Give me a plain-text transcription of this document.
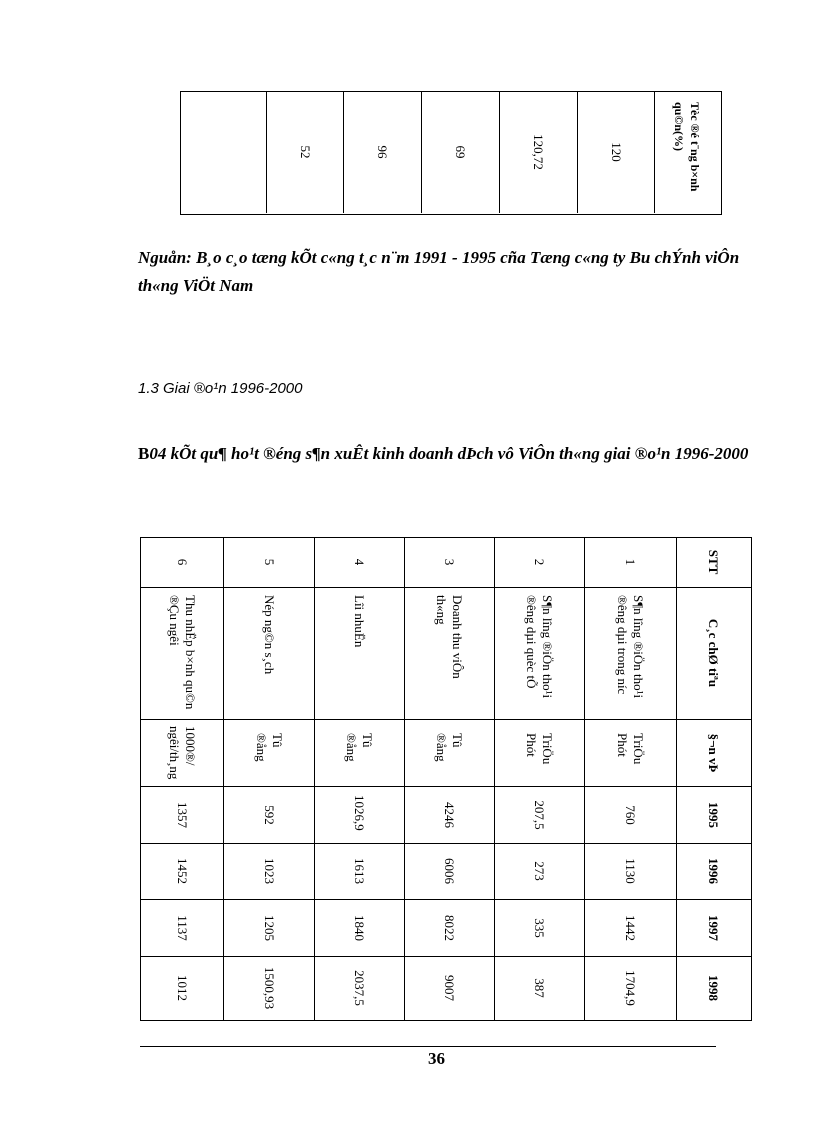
Tèc ®é t¨ng b×nh qu©n(%)
120
120,72
69
96
52
Nguån: B¸o c¸o tæng kÕt c«ng t¸c n¨m 1991 - 1995 cña Tæng c«ng ty Bu chÝnh viÔn th«ng ViÖt Nam
1.3 Giai ®o¹n 1996-2000
B04 kÕt qu¶ ho¹t ®éng s¶n xuÊt kinh doanh dÞch vô ViÔn th«ng giai ®o¹n 1996-2000
STT
C¸c chØ tiªu
§¬n vÞ
1995
1996
1997
1998
1
S¶n lîng ®iÖn tho¹i ®êng dµi trong níc
TriÖu Phót
760
1130
1442
1704,9
2
S¶n lîng ®iÖn tho¹i ®êng dµi quèc tÕ
TriÖu Phót
207,5
273
335
387
3
Doanh thu viÔn th«ng
Tû ®ång
4246
6006
8022
9007
4
Lîi nhuËn
Tû ®ång
1026,9
1613
1840
2037,5
5
Nép ng©n s¸ch
Tû ®ång
592
1023
1205
1500,93
6
Thu nhËp b×nh qu©n ®Çu ngêi
1000®/ ngêi/th¸ng
1357
1452
1137
1012
36
